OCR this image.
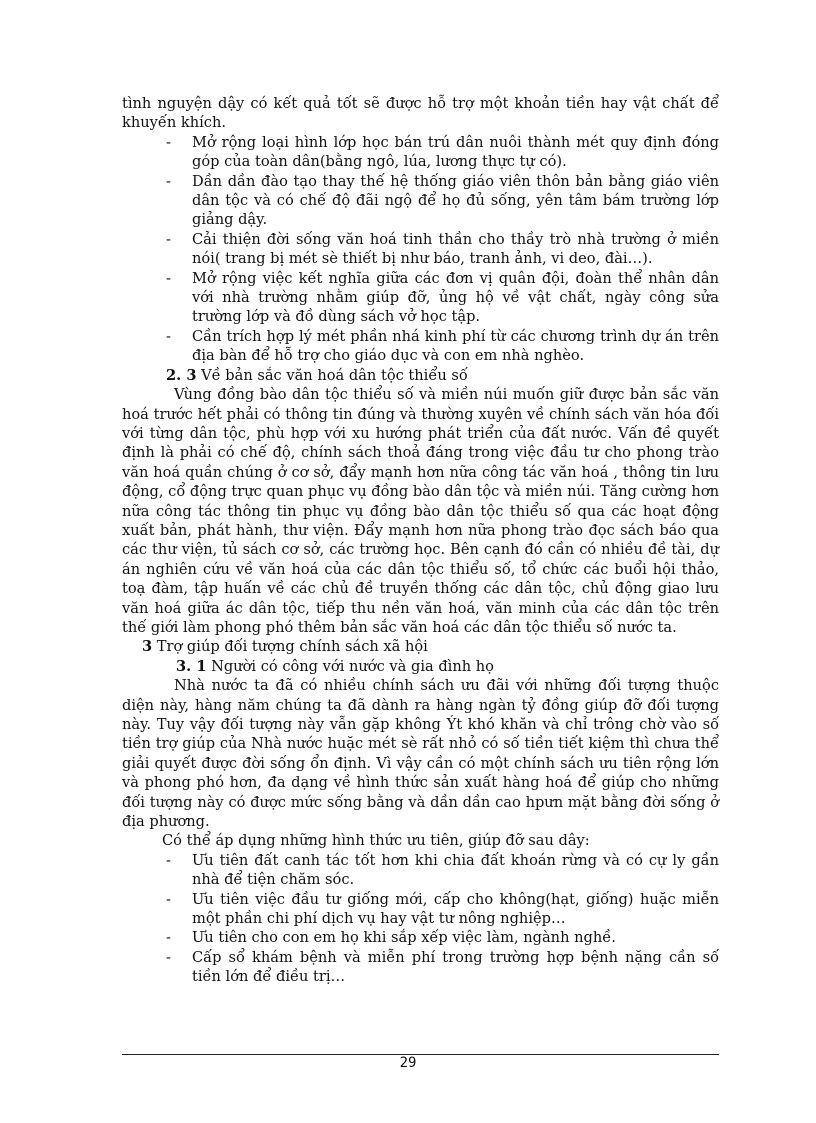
tình nguyện dậy có kết quả tốt sẽ được hỗ trợ một khoản tiền hay vật chất để khuyến khích.

- Mở rộng loại hình lớp học bán trú dân nuôi thành mét quy định đóng góp của toàn dân(bằng ngô, lúa, lương thực tự có).
- Dần dần đào tạo thay thế hệ thống giáo viên thôn bản bằng giáo viên dân tộc và có chế độ đãi ngộ để họ đủ sống, yên tâm bám trường lớp giảng dậy.
- Cải thiện đời sống văn hoá tinh thần cho thầy trò nhà trường ở miền nói( trang bị mét sè thiết bị như báo, tranh ảnh, vi deo, đài…).
- Mở rộng việc kết nghĩa giữa các đơn vị quân đội, đoàn thể nhân dân với nhà trường nhằm giúp đỡ, ủng hộ về vật chất, ngày công sửa trường lớp và đồ dùng sách vở học tập.
- Cần trích hợp lý mét phần nhá kinh phí từ các chương trình dự án trên địa bàn để hỗ trợ cho giáo dục và con em nhà nghèo.

2. 3 Về bản sắc văn hoá dân tộc thiểu số

Vùng đồng bào dân tộc thiểu số và miền núi muốn giữ được bản sắc văn hoá trước hết phải có thông tin đúng và thường xuyên về chính sách văn hóa đối với từng dân tộc, phù hợp với xu hướng phát triển của đất nước. Vấn đề quyết định là phải có chế độ, chính sách thoả đáng trong việc đầu tư cho phong trào văn hoá quần chúng ở cơ sở, đẩy mạnh hơn nữa công tác văn hoá , thông tin lưu động, cổ động trực quan phục vụ đồng bào dân tộc và miền núi. Tăng cường hơn nữa công tác thông tin phục vụ đồng bào dân tộc thiểu số qua các hoạt động xuất bản, phát hành, thư viện. Đẩy mạnh hơn nữa phong trào đọc sách báo qua các thư viện, tủ sách cơ sở, các trường học. Bên cạnh đó cần có nhiều đề tài, dự án nghiên cứu về văn hoá của các dân tộc thiểu số, tổ chức các buổi hội thảo, toạ đàm, tập huấn về các chủ đề truyền thống các dân tộc, chủ động giao lưu văn hoá giữa ác dân tộc, tiếp thu nền văn hoá, văn minh của các dân tộc trên thế giới làm phong phó thêm bản sắc văn hoá các dân tộc thiểu số nước ta.

3 Trợ giúp đối tượng chính sách xã hội

3. 1 Người có công với nước và gia đình họ

Nhà nước ta đã có nhiều chính sách ưu đãi với những đối tượng thuộc diện này, hàng năm chúng ta đã dành ra hàng ngàn tỷ đồng giúp đỡ đối tượng này. Tuy vậy đối tượng này vẫn gặp không Ýt khó khăn và chỉ trông chờ vào số tiền trợ giúp của Nhà nước huặc mét sè rất nhỏ có số tiền tiết kiệm thì chưa thể giải quyết được đời sống ổn định. Vì vậy cần có một chính sách ưu tiên rộng lớn và phong phó hơn, đa dạng về hình thức sản xuất hàng hoá để giúp cho những đối tượng này có được mức sống bằng và dần dần cao hpưn mặt bằng đời sống ở địa phương.

Có thể áp dụng những hình thức ưu tiên, giúp đỡ sau dây:

- Ưu tiên đất canh tác tốt hơn khi chia đất khoán rừng và có cự ly gần nhà để tiện chăm sóc.
- Ưu tiên việc đầu tư giống mới, cấp cho không(hạt, giống) huặc miễn một phần chi phí dịch vụ hay vật tư nông nghiệp…
- Ưu tiên cho con em họ khi sắp xếp việc làm, ngành nghề.
- Cấp sổ khám bệnh và miễn phí trong trường hợp bệnh nặng cần số tiền lớn để điều trị…
29
